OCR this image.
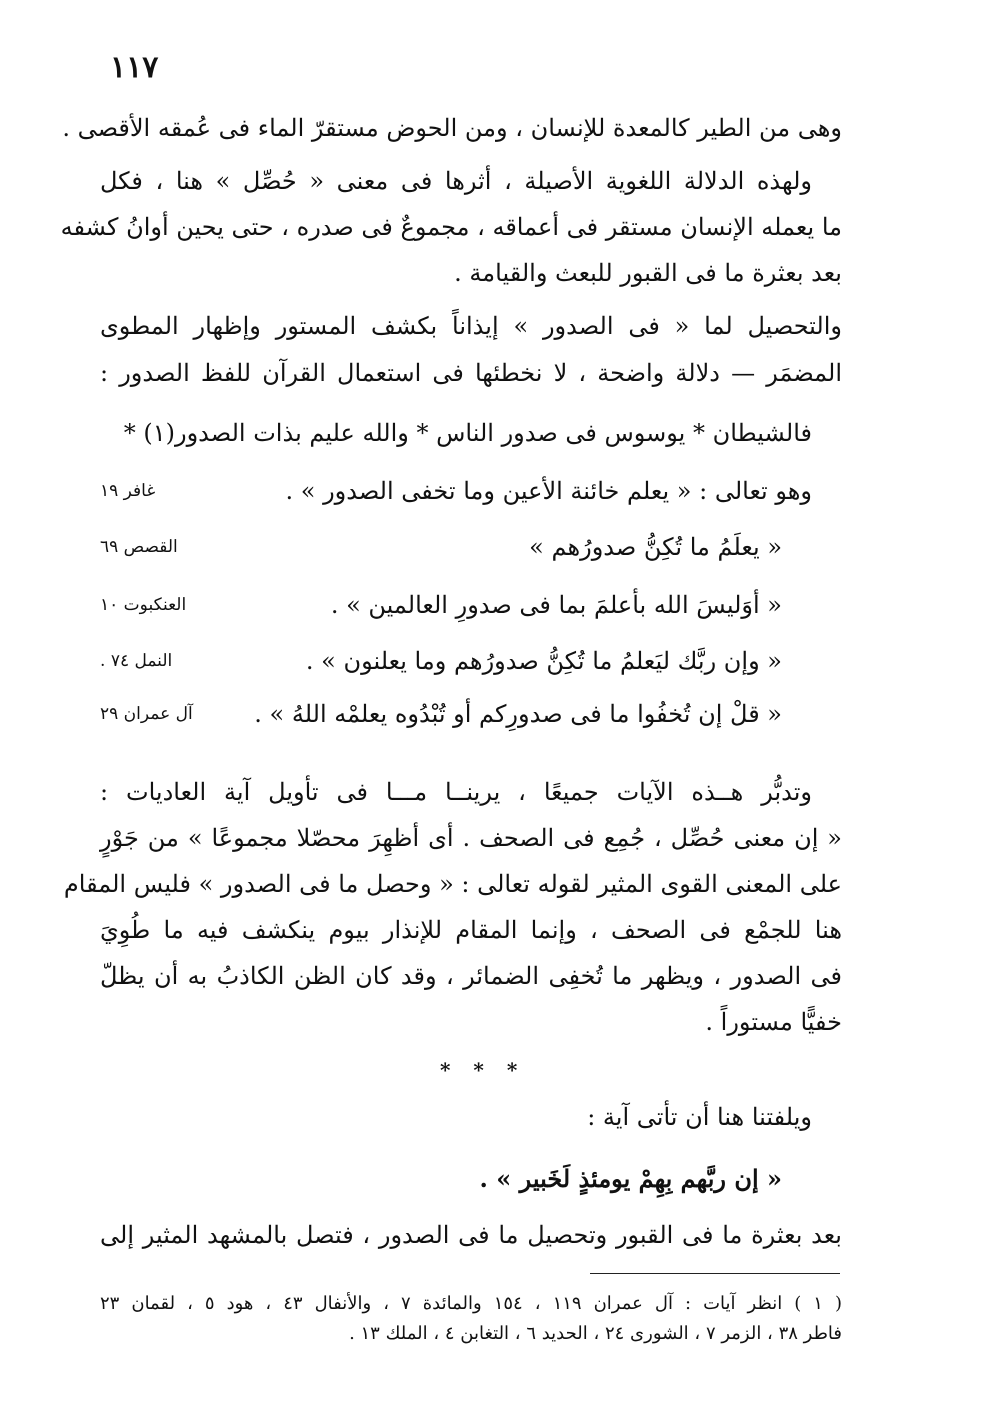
١١٧
وهى من الطير كالمعدة للإنسان ، ومن الحوض مستقرّ الماء فى عُمقه الأقصى .
ولهذه الدلالة اللغوية الأصيلة ، أثرها فى معنى « حُصِّل » هنا ، فكل
ما يعمله الإنسان مستقر فى أعماقه ، مجموعٌ فى صدره ، حتى يحين أوانُ كشفه
بعد بعثرة ما فى القبور للبعث والقيامة .
والتحصيل لما « فى الصدور » إيذاناً بكشف المستور وإظهار المطوى
المضمَر — دلالة واضحة ، لا نخطئها فى استعمال القرآن للفظ الصدور :
فالشيطان * يوسوس فى صدور الناس * والله عليم بذات الصدور(١) *
وهو تعالى : « يعلم خائنة الأعين وما تخفى الصدور » .
غافر ١٩
« يعلَمُ ما تُكِنُّ صدورُهم »
القصص ٦٩
« أوَليسَ الله بأعلمَ بما فى صدورِ العالمين » .
العنكبوت ١٠
« وإن ربَّك ليَعلمُ ما تُكِنُّ صدورُهم وما يعلنون » .
النمل ٧٤ .
« قلْ إن تُخفُوا ما فى صدورِكم أو تُبْدُوه يعلمْه اللهُ » .
آل عمران ٢٩
وتدبُّر هــذه الآيات جميعًا ، يرينــا مـــا فى تأويل آية العاديات :
« إن معنى حُصِّل ، جُمِع فى الصحف . أى أظهِرَ محصّلا مجموعًا » من جَوْرٍ
على المعنى القوى المثير لقوله تعالى : « وحصل ما فى الصدور » فليس المقام
هنا للجمْع فى الصحف ، وإنما المقام للإنذار بيوم ينكشف فيه ما طُوِيَ
فى الصدور ، ويظهر ما تُخفِى الضمائر ، وقد كان الظن الكاذبُ به أن يظلّ
خفيًّا مستوراً .
* * *
ويلفتنا هنا أن تأتى آية :
« إن ربَّهم بِهِمْ يومئذٍ لَخَبير » .
بعد بعثرة ما فى القبور وتحصيل ما فى الصدور ، فتصل بالمشهد المثير إلى
( ١ ) انظر آيات : آل عمران ١١٩ ، ١٥٤ والمائدة ٧ ، والأنفال ٤٣ ، هود ٥ ، لقمان ٢٣
فاطر ٣٨ ، الزمر ٧ ، الشورى ٢٤ ، الحديد ٦ ، التغابن ٤ ، الملك ١٣ .
